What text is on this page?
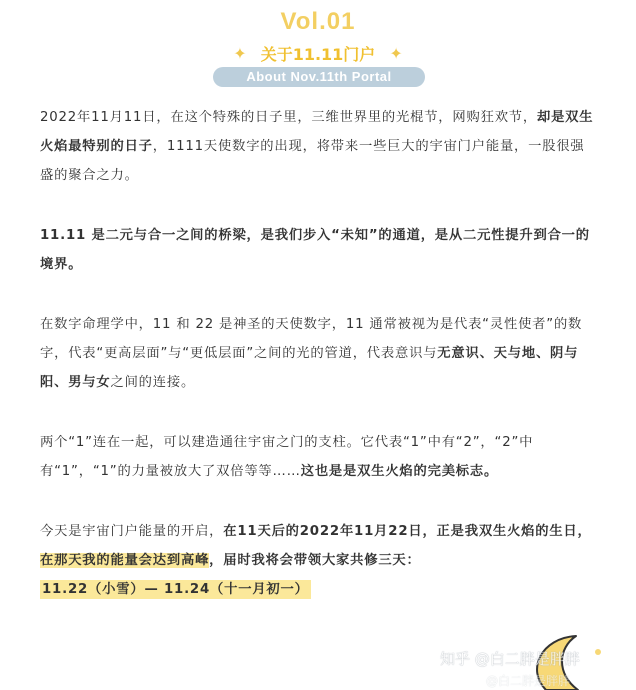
Vol.01
✦ 关于11.11门户 ✦
About Nov.11th Portal

2022年11月11日，在这个特殊的日子里，三维世界里的光棍节，网购狂欢节，却是双生火焰最特别的日子，1111天使数字的出现，将带来一些巨大的宇宙门户能量，一股很强盛的聚合之力。

11.11 是二元与合一之间的桥梁，是我们步入“未知”的通道，是从二元性提升到合一的境界。

在数字命理学中，11 和 22 是神圣的天使数字，11 通常被视为是代表“灵性使者”的数字，代表“更高层面”与“更低层面”之间的光的管道，代表意识与无意识、天与地、阴与阳、男与女之间的连接。

两个“1”连在一起，可以建造通往宇宙之门的支柱。它代表“1”中有“2”，“2”中有“1”，“1”的力量被放大了双倍等等……这也是是双生火焰的完美标志。

今天是宇宙门户能量的开启，在11天后的2022年11月22日，正是我双生火焰的生日，在那天我的能量会达到高峰，届时我将会带领大家共修三天：
11.22（小雪）— 11.24（十一月初一）

知乎 @白二胖是胖胖
@白二胖是胖胖
